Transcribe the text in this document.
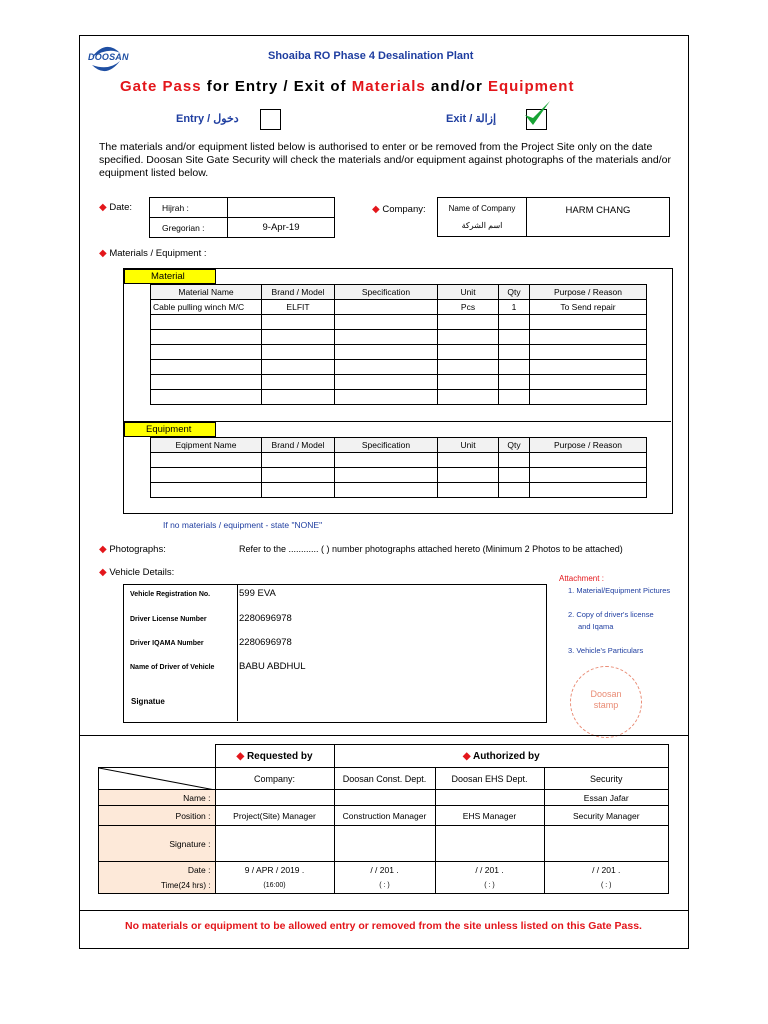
DOOSAN	Shoaiba RO Phase 4 Desalination Plant
Gate Pass for Entry / Exit of Materials and/or Equipment
Entry / دخول	Exit / إزالة
The materials and/or equipment listed below is authorised to enter or be removed from the Project Site only on the date specified. Doosan Site Gate Security will check the materials and/or equipment against photographs of the materials and/or equipment listed below.
◆ Date:	Hijrah :	
Gregorian :	9-Apr-19
◆ Company:	Name of Company
اسم الشركة
	HARM CHANG
◆ Materials / Equipment :
Material
Material Name	Brand / Model	Specification	Unit	Qty	Purpose / Reason
Cable pulling winch M/C	ELFIT		Pcs	1	To Send repair

Equipment
Eqipment Name	Brand / Model	Specification	Unit	Qty	Purpose / Reason

If no materials / equipment - state "NONE"
◆ Photographs:	Refer to the ............ ( ) number photographs attached hereto (Minimum 2 Photos to be attached)
◆ Vehicle Details:
Vehicle Registration No.	599 EVA
Driver License Number	2280696978
Driver IQAMA Number	2280696978
Name of Driver of Vehicle	BABU ABDHUL
Signatue
Attachment :
1. Material/Equipment Pictures
2. Copy of driver's license
and Iqama
3. Vehicle's Particulars
Doosan
stamp
	◆ Requested by	◆ Authorized by		

	Company:	Doosan Const. Dept.	Doosan EHS Dept.	Security
Name :				Essan Jafar
Position :	Project(Site) Manager	Construction Manager	EHS Manager	Security Manager
Signature :				
Date :	9 / APR / 2019 .	/ / 201 .	/ / 201 .	/ / 201 .
Time(24 hrs) :	(16:00)	( : )	( : )	( : )
No materials or equipment to be allowed entry or removed from the site unless listed on this Gate Pass.
